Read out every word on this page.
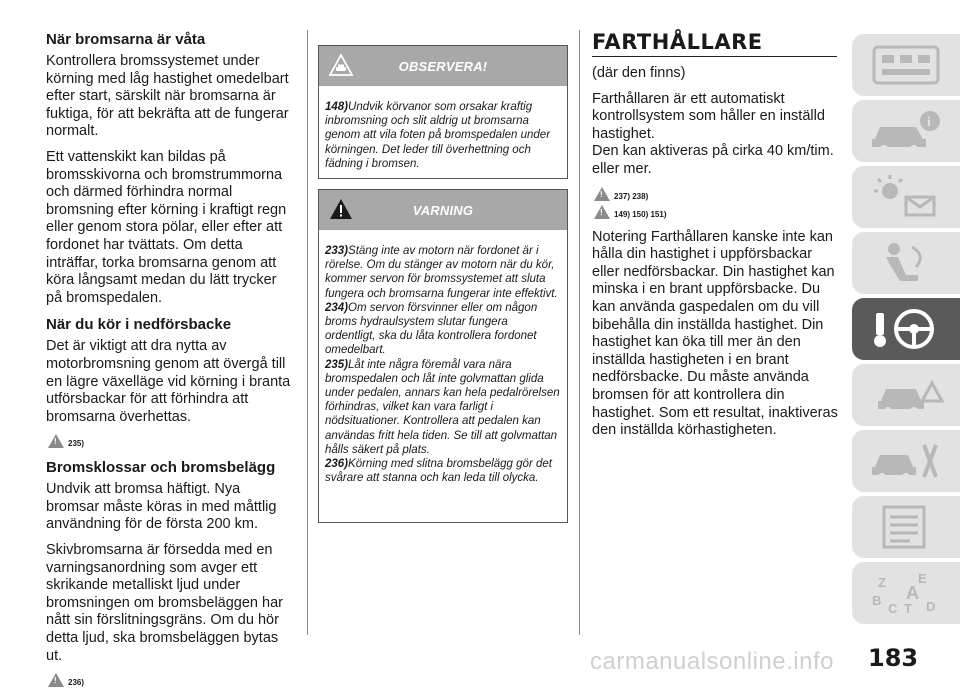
När bromsarna är våta

Kontrollera bromssystemet under körning med låg hastighet omedelbart efter start, särskilt när bromsarna är fuktiga, för att bekräfta att de fungerar normalt.

Ett vattenskikt kan bildas på bromsskivorna och bromstrummorna och därmed förhindra normal bromsning efter körning i kraftigt regn eller genom stora pölar, eller efter att fordonet har tvättats. Om detta inträffar, torka bromsarna genom att köra långsamt medan du lätt trycker på bromspedalen.

När du kör i nedförsbacke

Det är viktigt att dra nytta av motorbromsning genom att övergå till en lägre växelläge vid körning i branta utförsbackar för att förhindra att bromsarna överhettas.

! 235)
Bromsklossar och bromsbelägg

Undvik att bromsa häftigt. Nya bromsar måste köras in med måttlig användning för de första 200 km.

Skivbromsarna är försedda med en varningsanordning som avger ett skrikande metalliskt ljud under bromsningen om bromsbeläggen har nått sin förslitningsgräns. Om du hör detta ljud, ska bromsbeläggen bytas ut.

! 236)
OBSERVERA!

148)Undvik körvanor som orsakar kraftig inbromsning och slit aldrig ut bromsarna genom att vila foten på bromspedalen under körningen. Det leder till överhettning och fädning i bromsen.

VARNING

233)Stäng inte av motorn när fordonet är i rörelse. Om du stänger av motorn när du kör, kommer servon för bromssystemet att sluta fungera och bromsarna fungerar inte effektivt.

234)Om servon försvinner eller om någon broms hydraulsystem slutar fungera ordentligt, ska du låta kontrollera fordonet omedelbart.

235)Låt inte några föremål vara nära bromspedalen och låt inte golvmattan glida under pedalen, annars kan hela pedalrörelsen förhindras, vilket kan vara farligt i nödsituationer. Kontrollera att pedalen kan användas fritt hela tiden. Se till att golvmattan hålls säkert på plats.

236)Körning med slitna bromsbelägg gör det svårare att stanna och kan leda till olycka.

FARTHÅLLARE

(där den finns)

Farthållaren är ett automatiskt kontrollsystem som håller en inställd hastighet.

Den kan aktiveras på cirka 40 km/tim. eller mer.

! 237) 238)
! 149) 150) 151)

Notering Farthållaren kanske inte kan hålla din hastighet i uppförsbackar eller nedförsbackar. Din hastighet kan minska i en brant uppförsbacke. Du kan använda gaspedalen om du vill bibehålla din inställda hastighet. Din hastighet kan öka till mer än den inställda hastigheten i en brant nedförsbacke. Du måste använda bromsen för att kontrollera din hastighet. Som ett resultat, inaktiveras den inställda körhastigheten.

i
Z E
A
B
C T D
carmanualsonline.info 183
